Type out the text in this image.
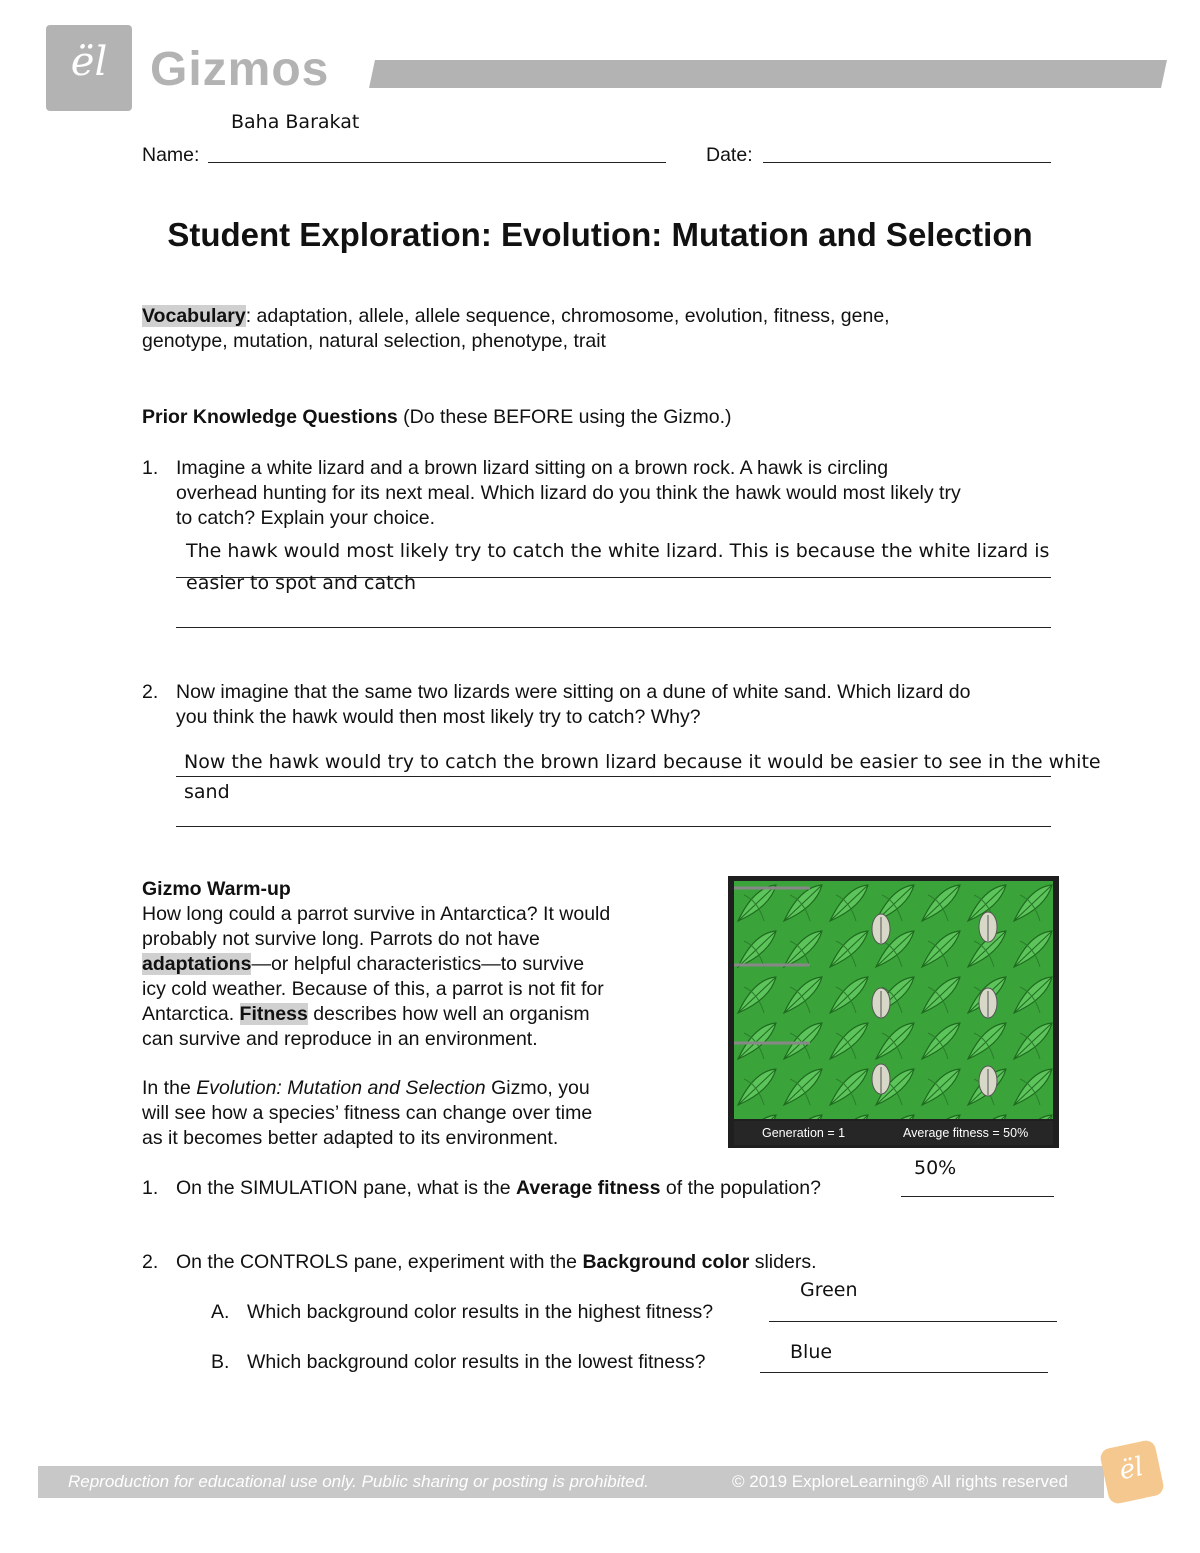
ël Gizmos
Baha Barakat
Name:	Date:
Student Exploration: Evolution: Mutation and Selection
Vocabulary: adaptation, allele, allele sequence, chromosome, evolution, fitness, gene,
genotype, mutation, natural selection, phenotype, trait
Prior Knowledge Questions (Do these BEFORE using the Gizmo.)
1. Imagine a white lizard and a brown lizard sitting on a brown rock. A hawk is circling
overhead hunting for its next meal. Which lizard do you think the hawk would most likely try
to catch? Explain your choice.
The hawk would most likely try to catch the white lizard. This is because the white lizard is
easier to spot and catch
2. Now imagine that the same two lizards were sitting on a dune of white sand. Which lizard do
you think the hawk would then most likely try to catch? Why?
Now the hawk would try to catch the brown lizard because it would be easier to see in the white
sand
Gizmo Warm-up
How long could a parrot survive in Antarctica? It would
probably not survive long. Parrots do not have
adaptations—or helpful characteristics—to survive
icy cold weather. Because of this, a parrot is not fit for
Antarctica. Fitness describes how well an organism
can survive and reproduce in an environment.
In the Evolution: Mutation and Selection Gizmo, you
will see how a species’ fitness can change over time
as it becomes better adapted to its environment.	Generation = 1	Average fitness = 50%
1. On the SIMULATION pane, what is the Average fitness of the population?
50%
2. On the CONTROLS pane, experiment with the Background color sliders.
A. Which background color results in the highest fitness?
Green
B. Which background color results in the lowest fitness?	Blue
Reproduction for educational use only. Public sharing or posting is prohibited.	© 2019 ExploreLearning® All rights reserved	ël
